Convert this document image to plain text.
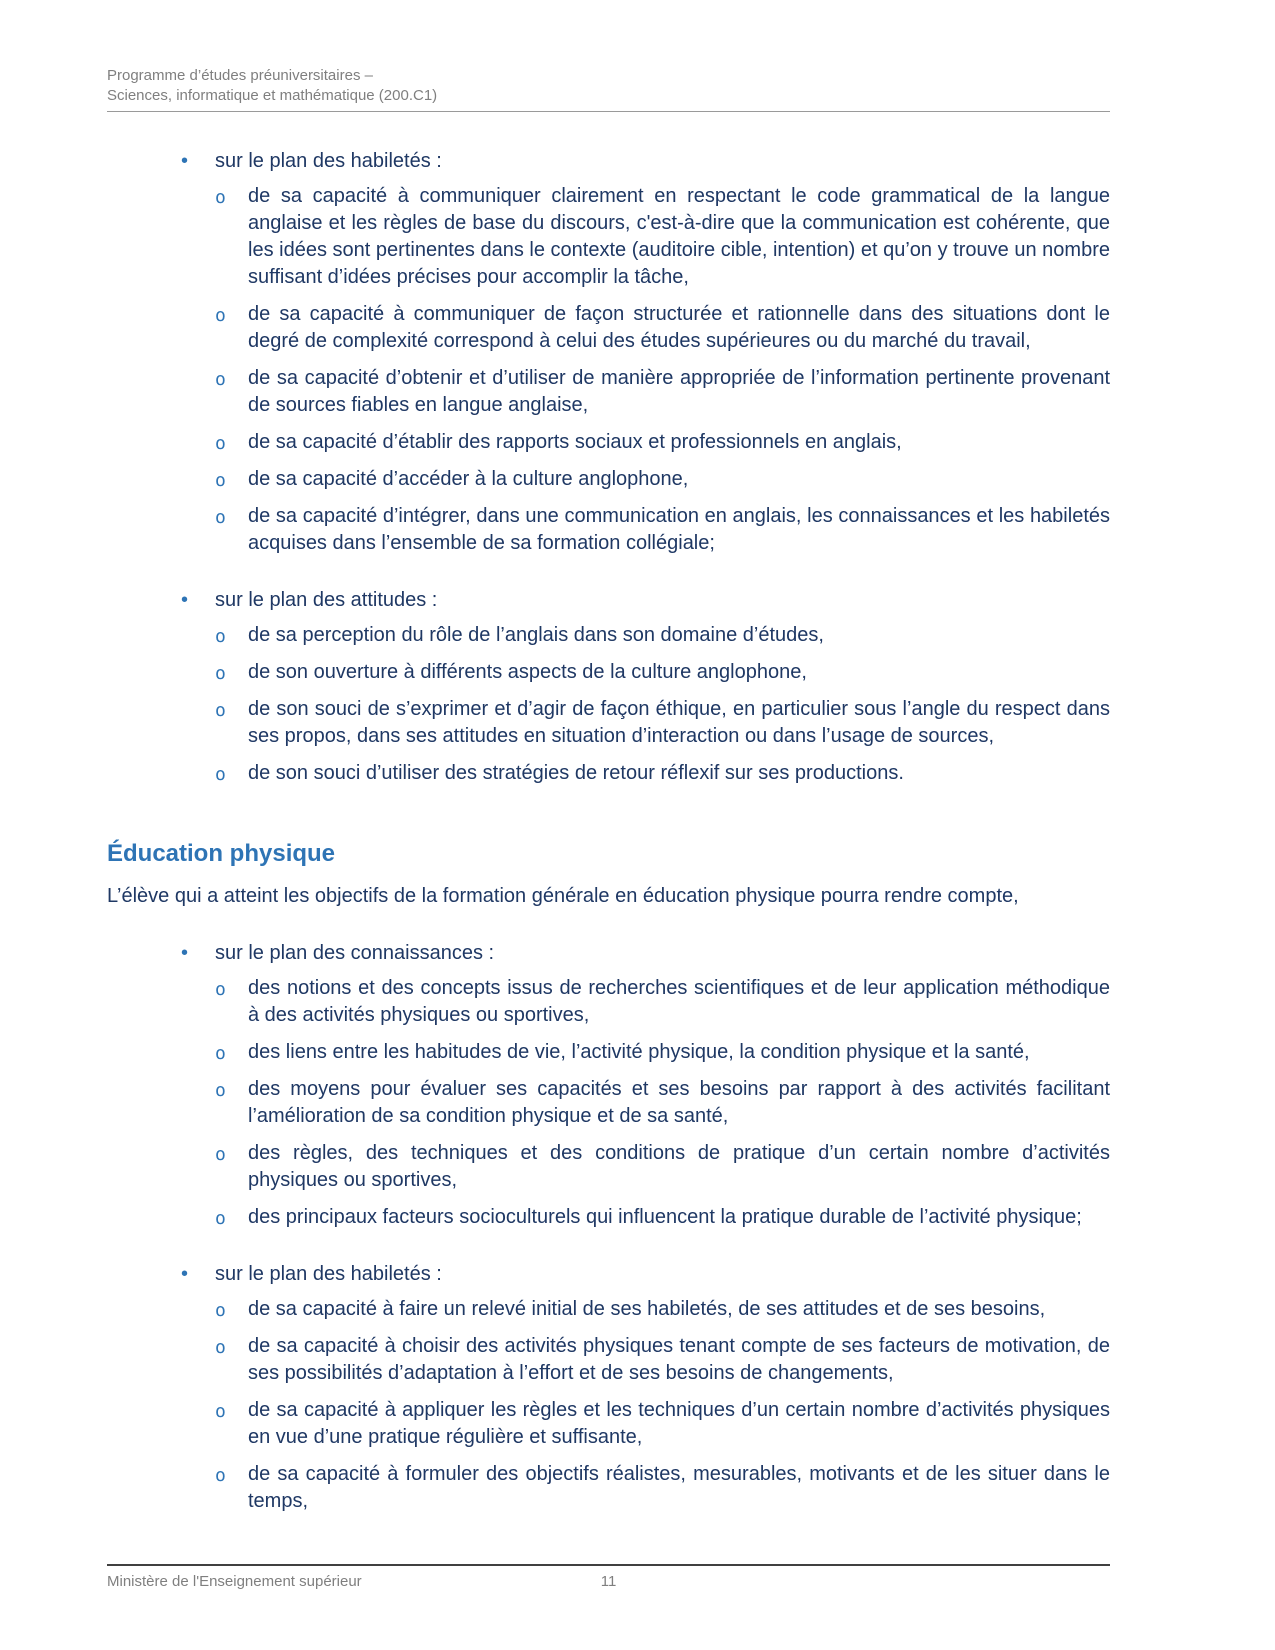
Programme d’études préuniversitaires –
Sciences, informatique et mathématique (200.C1)
• sur le plan des habiletés :
o de sa capacité à communiquer clairement en respectant le code grammatical de la langue anglaise et les règles de base du discours, c'est-à-dire que la communication est cohérente, que les idées sont pertinentes dans le contexte (auditoire cible, intention) et qu’on y trouve un nombre suffisant d’idées précises pour accomplir la tâche,
o de sa capacité à communiquer de façon structurée et rationnelle dans des situations dont le degré de complexité correspond à celui des études supérieures ou du marché du travail,
o de sa capacité d’obtenir et d’utiliser de manière appropriée de l’information pertinente provenant de sources fiables en langue anglaise,
o de sa capacité d’établir des rapports sociaux et professionnels en anglais,
o de sa capacité d’accéder à la culture anglophone,
o de sa capacité d’intégrer, dans une communication en anglais, les connaissances et les habiletés acquises dans l’ensemble de sa formation collégiale;
• sur le plan des attitudes :
o de sa perception du rôle de l’anglais dans son domaine d’études,
o de son ouverture à différents aspects de la culture anglophone,
o de son souci de s’exprimer et d’agir de façon éthique, en particulier sous l’angle du respect dans ses propos, dans ses attitudes en situation d’interaction ou dans l’usage de sources,
o de son souci d’utiliser des stratégies de retour réflexif sur ses productions.
Éducation physique

L’élève qui a atteint les objectifs de la formation générale en éducation physique pourra rendre compte,

• sur le plan des connaissances :
o des notions et des concepts issus de recherches scientifiques et de leur application méthodique à des activités physiques ou sportives,
o des liens entre les habitudes de vie, l’activité physique, la condition physique et la santé,
o des moyens pour évaluer ses capacités et ses besoins par rapport à des activités facilitant l’amélioration de sa condition physique et de sa santé,
o des règles, des techniques et des conditions de pratique d’un certain nombre d’activités physiques ou sportives,
o des principaux facteurs socioculturels qui influencent la pratique durable de l’activité physique;
• sur le plan des habiletés :
o de sa capacité à faire un relevé initial de ses habiletés, de ses attitudes et de ses besoins,
o de sa capacité à choisir des activités physiques tenant compte de ses facteurs de motivation, de ses possibilités d’adaptation à l’effort et de ses besoins de changements,
o de sa capacité à appliquer les règles et les techniques d’un certain nombre d’activités physiques en vue d’une pratique régulière et suffisante,
o de sa capacité à formuler des objectifs réalistes, mesurables, motivants et de les situer dans le temps,
Ministère de l'Enseignement supérieur	11
